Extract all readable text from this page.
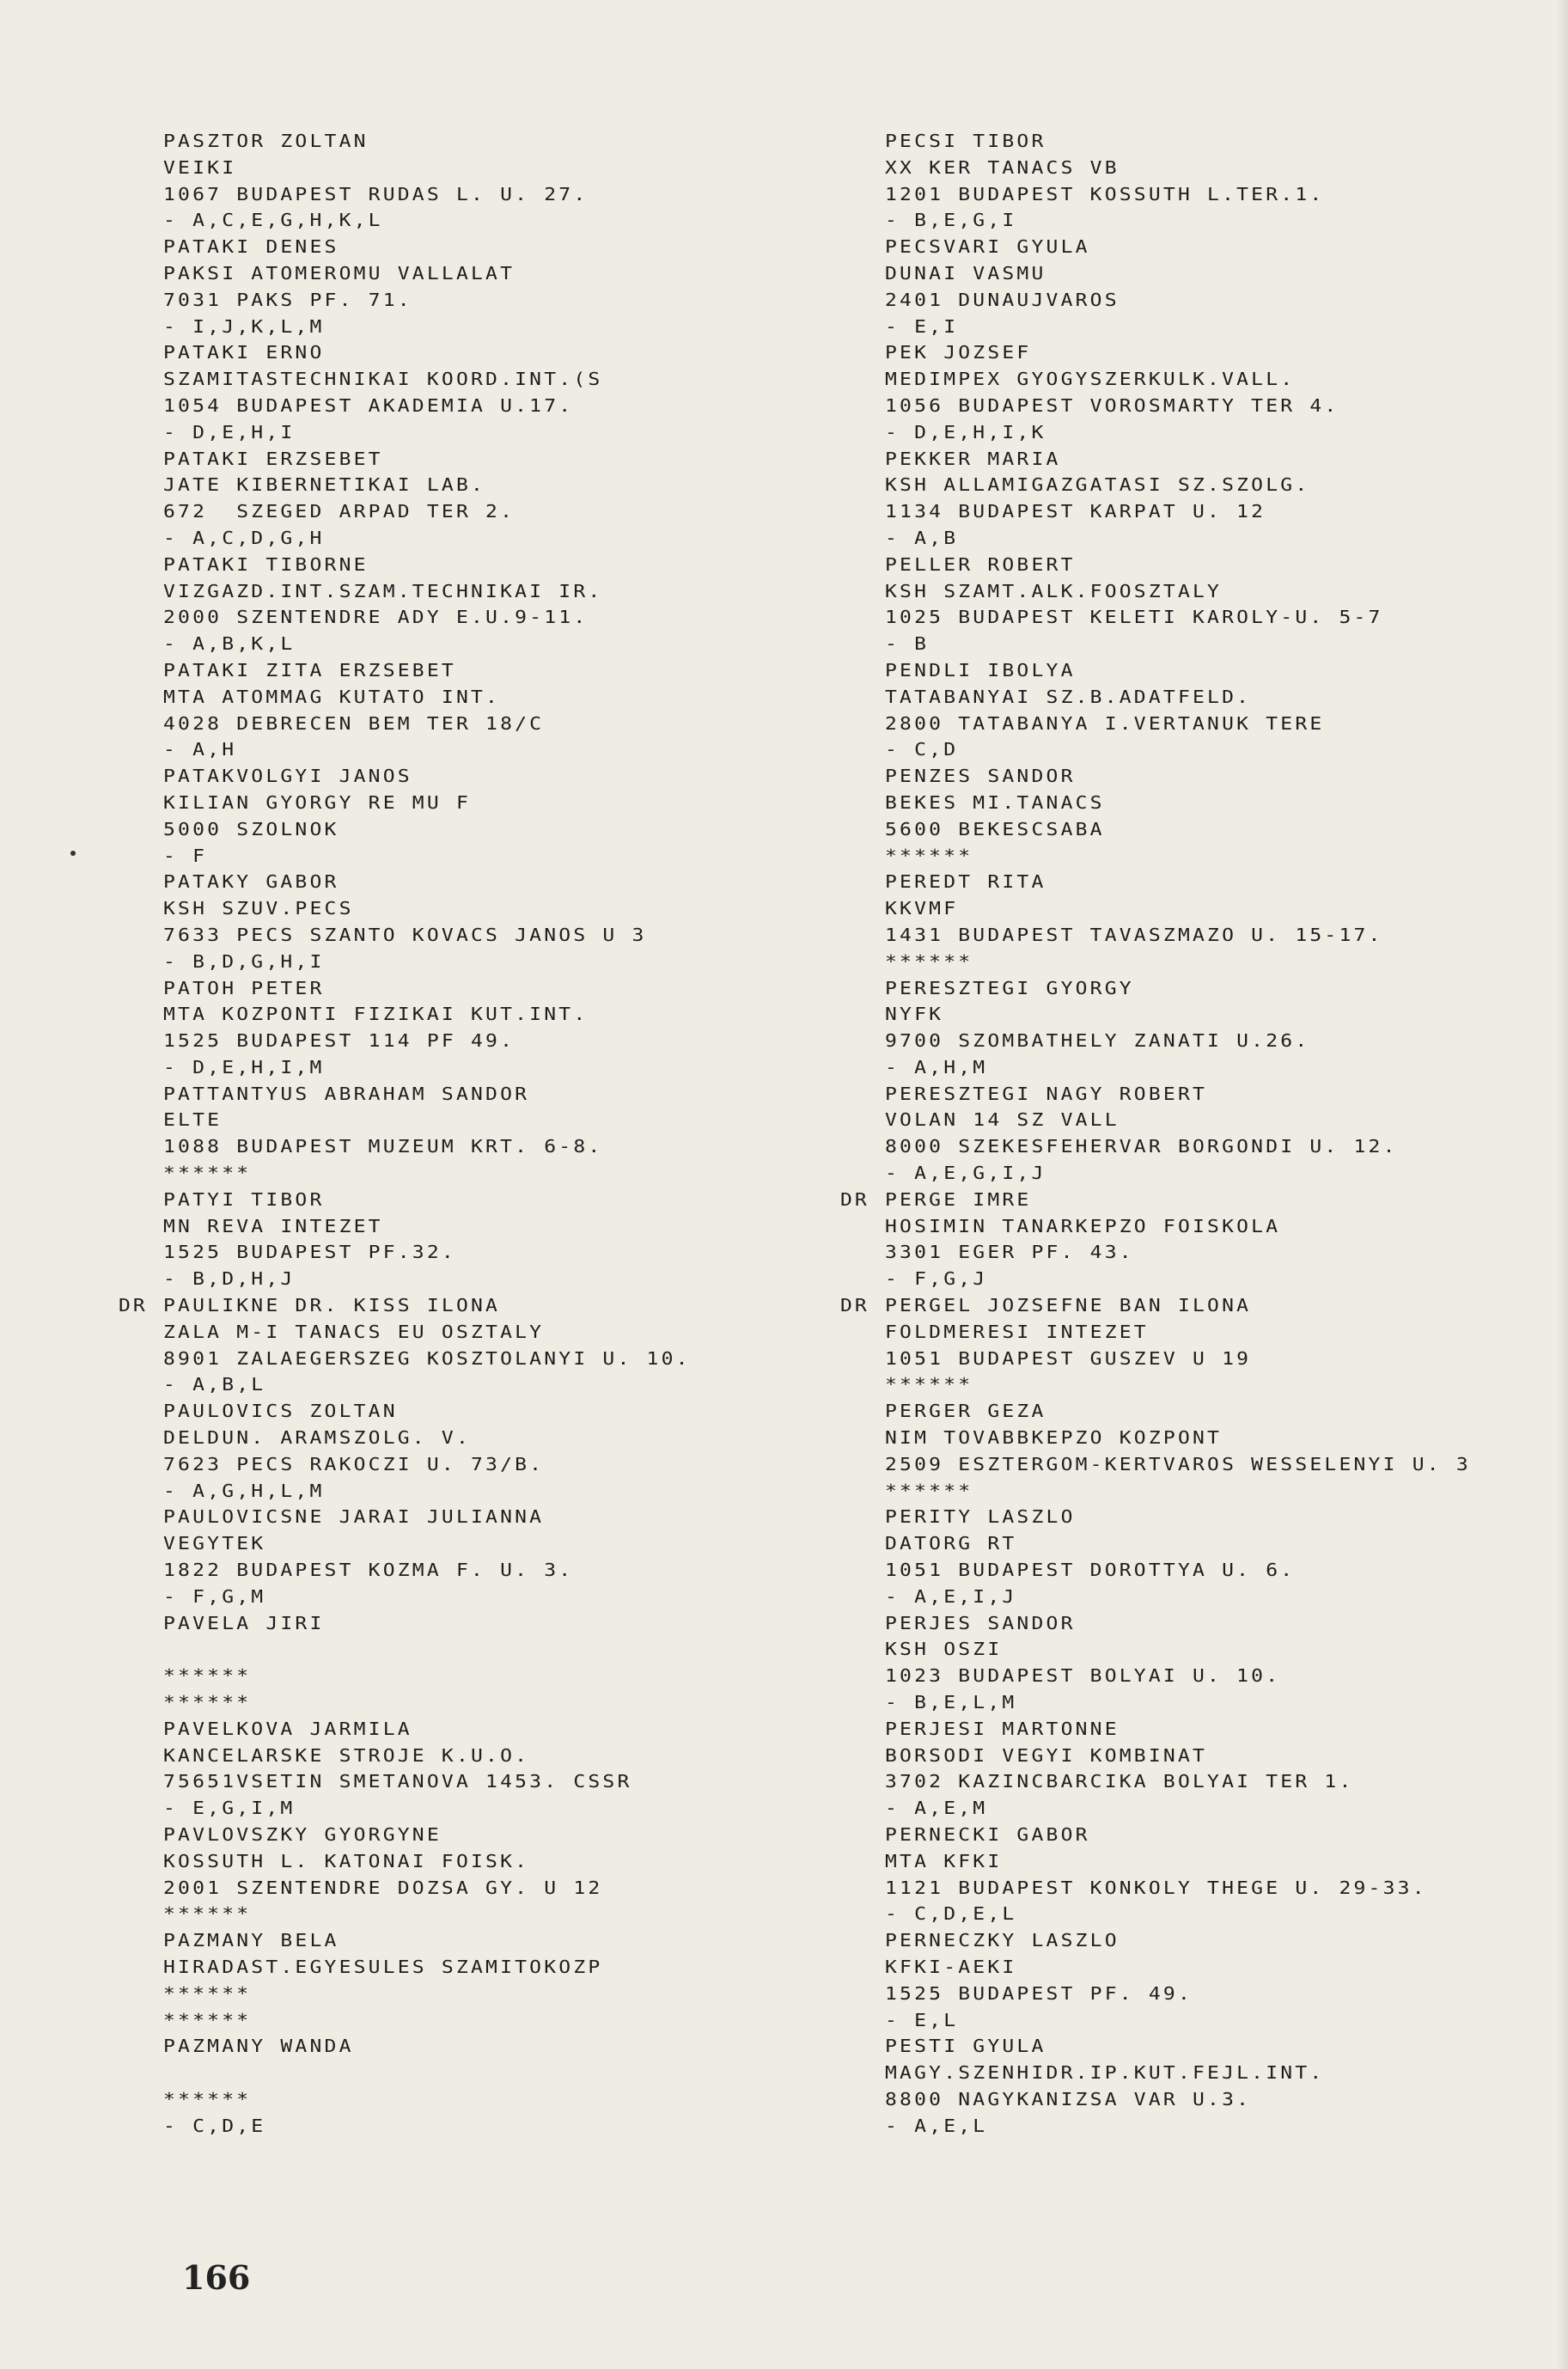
PASZTOR ZOLTAN
VEIKI
1067 BUDAPEST RUDAS L. U. 27.
- A,C,E,G,H,K,L
PATAKI DENES
PAKSI ATOMEROMU VALLALAT
7031 PAKS PF. 71.
- I,J,K,L,M
PATAKI ERNO
SZAMITASTECHNIKAI KOORD.INT.(S
1054 BUDAPEST AKADEMIA U.17.
- D,E,H,I
PATAKI ERZSEBET
JATE KIBERNETIKAI LAB.
672  SZEGED ARPAD TER 2.
- A,C,D,G,H
PATAKI TIBORNE
VIZGAZD.INT.SZAM.TECHNIKAI IR.
2000 SZENTENDRE ADY E.U.9-11.
- A,B,K,L
PATAKI ZITA ERZSEBET
MTA ATOMMAG KUTATO INT.
4028 DEBRECEN BEM TER 18/C
- A,H
PATAKVOLGYI JANOS
KILIAN GYORGY RE MU F
5000 SZOLNOK
- F
PATAKY GABOR
KSH SZUV.PECS
7633 PECS SZANTO KOVACS JANOS U 3
- B,D,G,H,I
PATOH PETER
MTA KOZPONTI FIZIKAI KUT.INT.
1525 BUDAPEST 114 PF 49.
- D,E,H,I,M
PATTANTYUS ABRAHAM SANDOR
ELTE
1088 BUDAPEST MUZEUM KRT. 6-8.
******
PATYI TIBOR
MN REVA INTEZET
1525 BUDAPEST PF.32.
- B,D,H,J
DR PAULIKNE DR. KISS ILONA
ZALA M-I TANACS EU OSZTALY
8901 ZALAEGERSZEG KOSZTOLANYI U. 10.
- A,B,L
PAULOVICS ZOLTAN
DELDUN. ARAMSZOLG. V.
7623 PECS RAKOCZI U. 73/B.
- A,G,H,L,M
PAULOVICSNE JARAI JULIANNA
VEGYTEK
1822 BUDAPEST KOZMA F. U. 3.
- F,G,M
PAVELA JIRI
******
******
PAVELKOVA JARMILA
KANCELARSKE STROJE K.U.O.
75651VSETIN SMETANOVA 1453. CSSR
- E,G,I,M
PAVLOVSZKY GYORGYNE
KOSSUTH L. KATONAI FOISK.
2001 SZENTENDRE DOZSA GY. U 12
******
PAZMANY BELA
HIRADAST.EGYESULES SZAMITOKOZP
******
******
PAZMANY WANDA
******
- C,D,E
PECSI TIBOR
XX KER TANACS VB
1201 BUDAPEST KOSSUTH L.TER.1.
- B,E,G,I
PECSVARI GYULA
DUNAI VASMU
2401 DUNAUJVAROS
- E,I
PEK JOZSEF
MEDIMPEX GYOGYSZERKULK.VALL.
1056 BUDAPEST VOROSMARTY TER 4.
- D,E,H,I,K
PEKKER MARIA
KSH ALLAMIGAZGATASI SZ.SZOLG.
1134 BUDAPEST KARPAT U. 12
- A,B
PELLER ROBERT
KSH SZAMT.ALK.FOOSZTALY
1025 BUDAPEST KELETI KAROLY-U. 5-7
- B
PENDLI IBOLYA
TATABANYAI SZ.B.ADATFELD.
2800 TATABANYA I.VERTANUK TERE
- C,D
PENZES SANDOR
BEKES MI.TANACS
5600 BEKESCSABA
******
PEREDT RITA
KKVMF
1431 BUDAPEST TAVASZMAZO U. 15-17.
******
PERESZTEGI GYORGY
NYFK
9700 SZOMBATHELY ZANATI U.26.
- A,H,M
PERESZTEGI NAGY ROBERT
VOLAN 14 SZ VALL
8000 SZEKESFEHERVAR BORGONDI U. 12.
- A,E,G,I,J
DR PERGE IMRE
HOSIMIN TANARKEPZO FOISKOLA
3301 EGER PF. 43.
- F,G,J
DR PERGEL JOZSEFNE BAN ILONA
FOLDMERESI INTEZET
1051 BUDAPEST GUSZEV U 19
******
PERGER GEZA
NIM TOVABBKEPZO KOZPONT
2509 ESZTERGOM-KERTVAROS WESSELENYI U. 3
******
PERITY LASZLO
DATORG RT
1051 BUDAPEST DOROTTYA U. 6.
- A,E,I,J
PERJES SANDOR
KSH OSZI
1023 BUDAPEST BOLYAI U. 10.
- B,E,L,M
PERJESI MARTONNE
BORSODI VEGYI KOMBINAT
3702 KAZINCBARCIKA BOLYAI TER 1.
- A,E,M
PERNECKI GABOR
MTA KFKI
1121 BUDAPEST KONKOLY THEGE U. 29-33.
- C,D,E,L
PERNECZKY LASZLO
KFKI-AEKI
1525 BUDAPEST PF. 49.
- E,L
PESTI GYULA
MAGY.SZENHIDR.IP.KUT.FEJL.INT.
8800 NAGYKANIZSA VAR U.3.
- A,E,L
166
